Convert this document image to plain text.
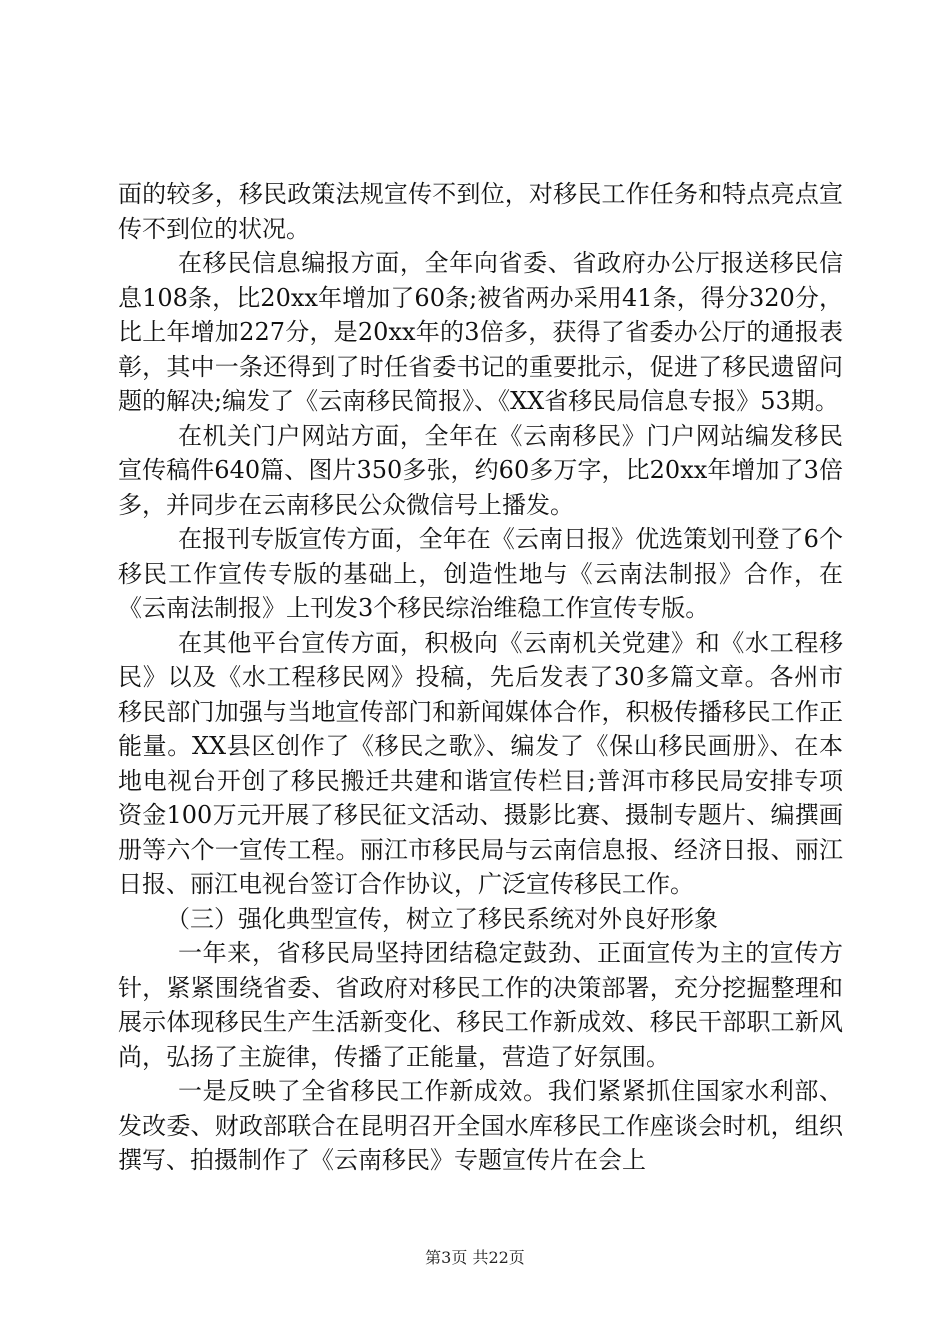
面的较多，移民政策法规宣传不到位，对移民工作任务和特点亮点宣传不到位的状况。

在移民信息编报方面，全年向省委、省政府办公厅报送移民信息108条，比20xx年增加了60条;被省两办采用41条，得分320分，比上年增加227分，是20xx年的3倍多，获得了省委办公厅的通报表彰，其中一条还得到了时任省委书记的重要批示，促进了移民遗留问题的解决;编发了《云南移民简报》、《XX省移民局信息专报》53期。

在机关门户网站方面，全年在《云南移民》门户网站编发移民宣传稿件640篇、图片350多张，约60多万字，比20xx年增加了3倍多，并同步在云南移民公众微信号上播发。

在报刊专版宣传方面，全年在《云南日报》优选策划刊登了6个移民工作宣传专版的基础上，创造性地与《云南法制报》合作，在《云南法制报》上刊发3个移民综治维稳工作宣传专版。

在其他平台宣传方面，积极向《云南机关党建》和《水工程移民》以及《水工程移民网》投稿，先后发表了30多篇文章。各州市移民部门加强与当地宣传部门和新闻媒体合作，积极传播移民工作正能量。XX县区创作了《移民之歌》、编发了《保山移民画册》、在本地电视台开创了移民搬迁共建和谐宣传栏目;普洱市移民局安排专项资金100万元开展了移民征文活动、摄影比赛、摄制专题片、编撰画册等六个一宣传工程。丽江市移民局与云南信息报、经济日报、丽江日报、丽江电视台签订合作协议，广泛宣传移民工作。

（三）强化典型宣传，树立了移民系统对外良好形象

一年来，省移民局坚持团结稳定鼓劲、正面宣传为主的宣传方针，紧紧围绕省委、省政府对移民工作的决策部署，充分挖掘整理和展示体现移民生产生活新变化、移民工作新成效、移民干部职工新风尚，弘扬了主旋律，传播了正能量，营造了好氛围。

一是反映了全省移民工作新成效。我们紧紧抓住国家水利部、发改委、财政部联合在昆明召开全国水库移民工作座谈会时机，组织撰写、拍摄制作了《云南移民》专题宣传片在会上

第3页 共22页
